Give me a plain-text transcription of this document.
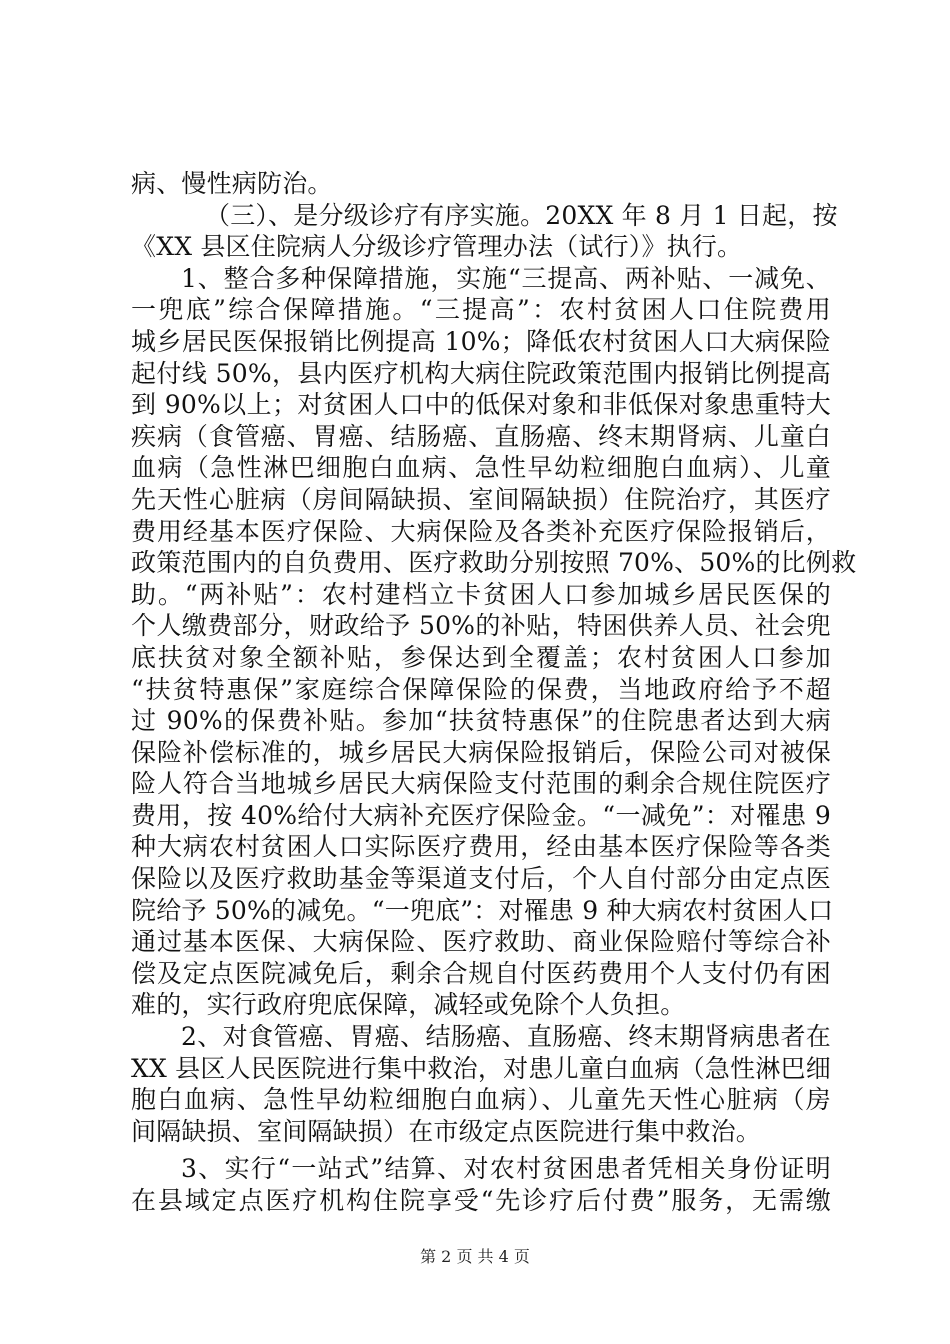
病、慢性病防治。
（三）、是分级诊疗有序实施。20XX 年 8 月 1 日起，按
《XX 县区住院病人分级诊疗管理办法（试行）》执行。
1、整合多种保障措施，实施“三提高、两补贴、一减免、
一兜底”综合保障措施。“三提高”：农村贫困人口住院费用
城乡居民医保报销比例提高 10%；降低农村贫困人口大病保险
起付线 50%，县内医疗机构大病住院政策范围内报销比例提高
到 90%以上；对贫困人口中的低保对象和非低保对象患重特大
疾病（食管癌、胃癌、结肠癌、直肠癌、终末期肾病、儿童白
血病（急性淋巴细胞白血病、急性早幼粒细胞白血病）、儿童
先天性心脏病（房间隔缺损、室间隔缺损）住院治疗，其医疗
费用经基本医疗保险、大病保险及各类补充医疗保险报销后，
政策范围内的自负费用、医疗救助分别按照 70%、50%的比例救
助。“两补贴”：农村建档立卡贫困人口参加城乡居民医保的
个人缴费部分，财政给予 50%的补贴，特困供养人员、社会兜
底扶贫对象全额补贴，参保达到全覆盖；农村贫困人口参加
“扶贫特惠保”家庭综合保障保险的保费，当地政府给予不超
过 90%的保费补贴。参加“扶贫特惠保”的住院患者达到大病
保险补偿标准的，城乡居民大病保险报销后，保险公司对被保
险人符合当地城乡居民大病保险支付范围的剩余合规住院医疗
费用，按 40%给付大病补充医疗保险金。“一减免”：对罹患 9
种大病农村贫困人口实际医疗费用，经由基本医疗保险等各类
保险以及医疗救助基金等渠道支付后，个人自付部分由定点医
院给予 50%的减免。“一兜底”：对罹患 9 种大病农村贫困人口
通过基本医保、大病保险、医疗救助、商业保险赔付等综合补
偿及定点医院减免后，剩余合规自付医药费用个人支付仍有困
难的，实行政府兜底保障，减轻或免除个人负担。
2、对食管癌、胃癌、结肠癌、直肠癌、终末期肾病患者在
XX 县区人民医院进行集中救治，对患儿童白血病（急性淋巴细
胞白血病、急性早幼粒细胞白血病）、儿童先天性心脏病（房
间隔缺损、室间隔缺损）在市级定点医院进行集中救治。
3、实行“一站式”结算、对农村贫困患者凭相关身份证明
在县域定点医疗机构住院享受“先诊疗后付费”服务，无需缴
第 2 页 共 4 页
